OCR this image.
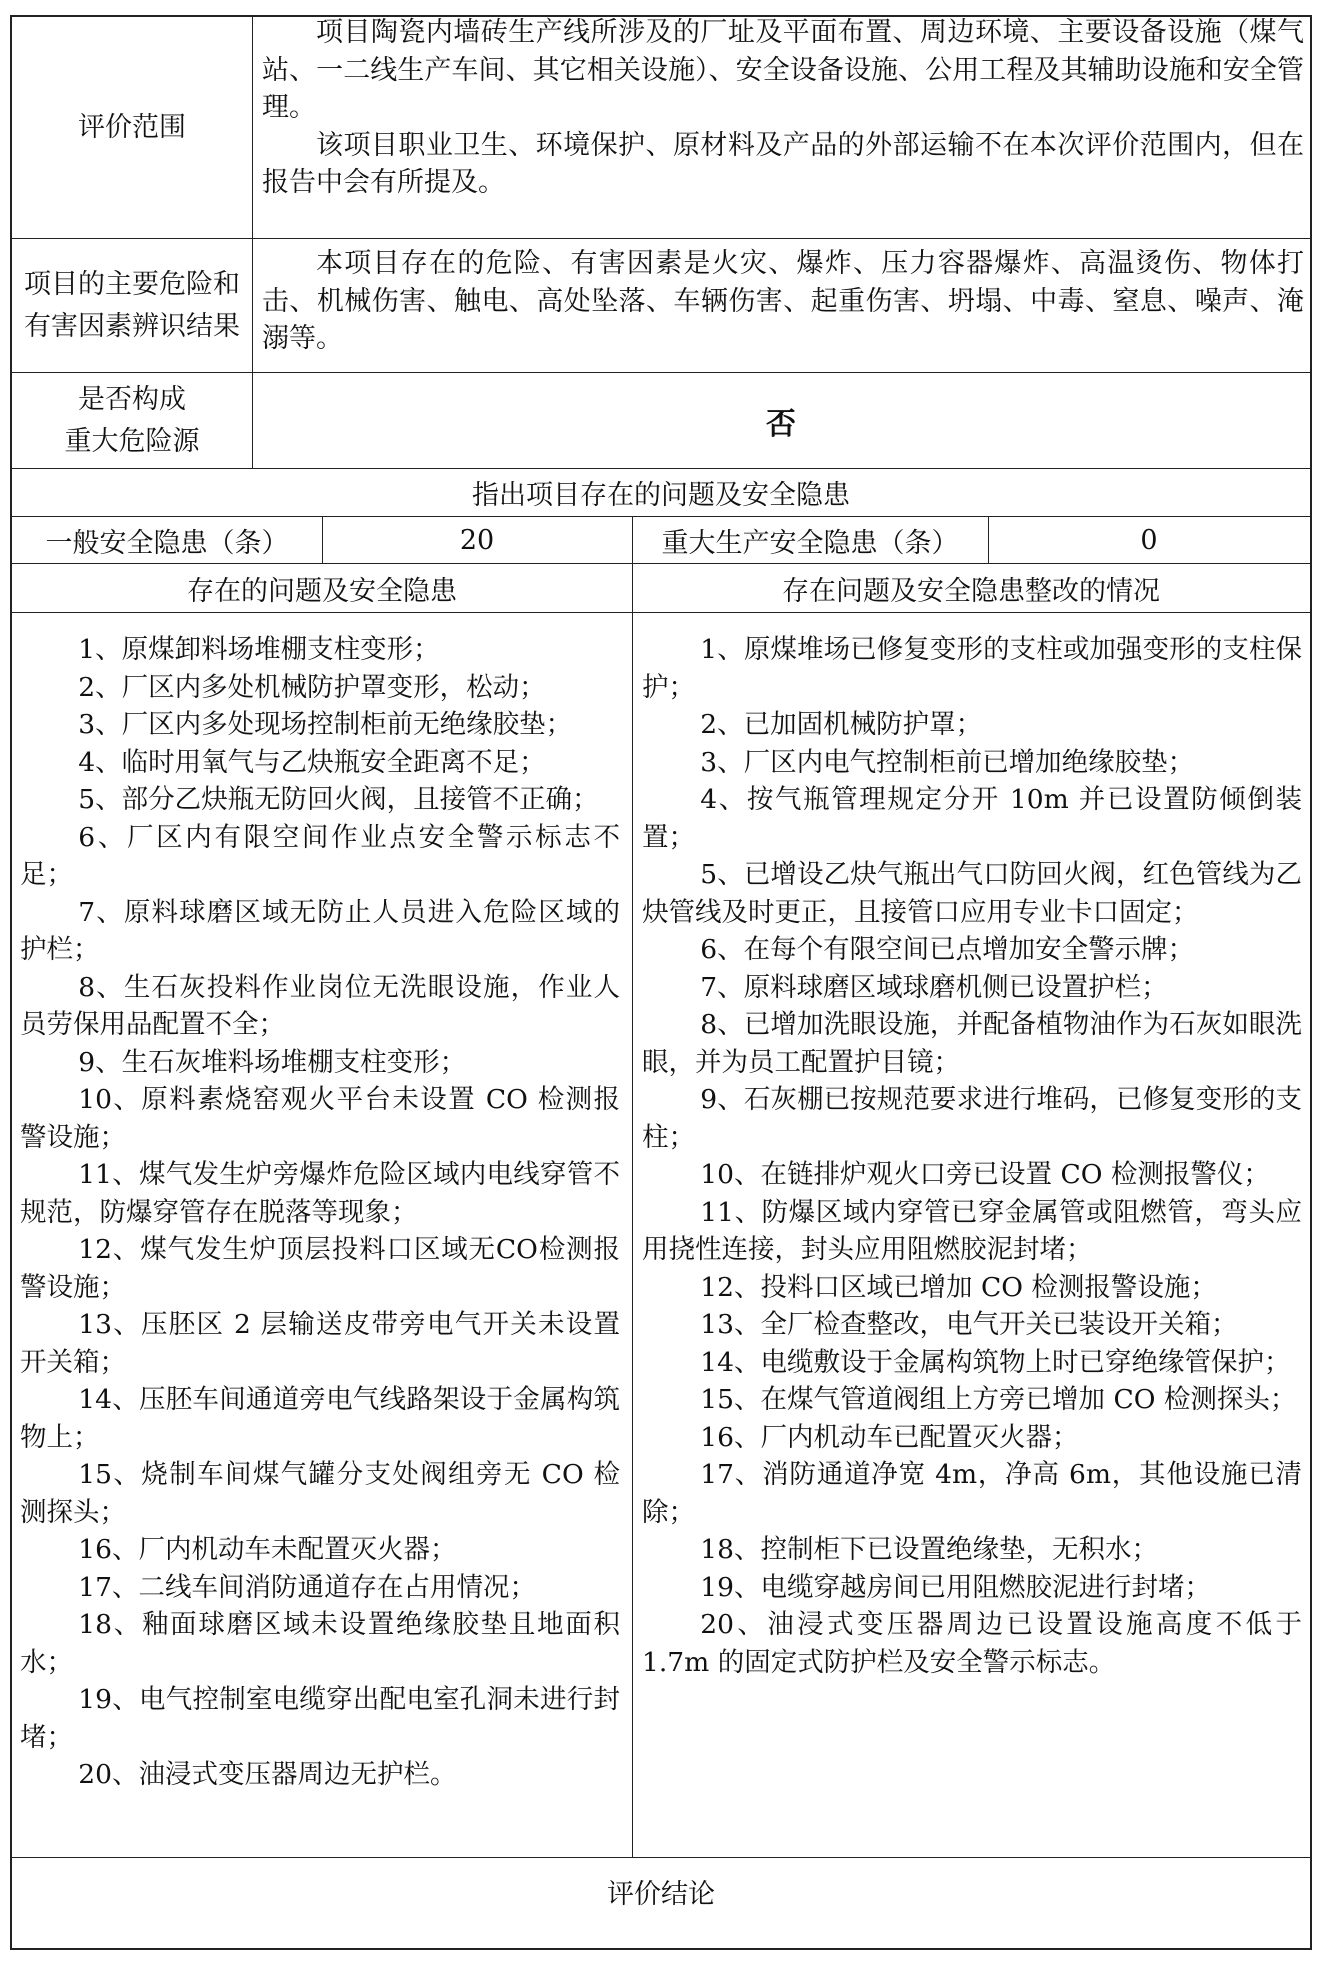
评价范围
项目陶瓷内墙砖生产线所涉及的厂址及平面布置、周边环境、主要设备设施（煤气站、一二线生产车间、其它相关设施）、安全设备设施、公用工程及其辅助设施和安全管理。
该项目职业卫生、环境保护、原材料及产品的外部运输不在本次评价范围内，但在报告中会有所提及。
项目的主要危险和有害因素辨识结果
本项目存在的危险、有害因素是火灾、爆炸、压力容器爆炸、高温烫伤、物体打击、机械伤害、触电、高处坠落、车辆伤害、起重伤害、坍塌、中毒、窒息、噪声、淹溺等。
是否构成
重大危险源	否
指出项目存在的问题及安全隐患
一般安全隐患（条）	20	重大生产安全隐患（条）	0
存在的问题及安全隐患	存在问题及安全隐患整改的情况

1、原煤卸料场堆棚支柱变形；

2、厂区内多处机械防护罩变形，松动；

3、厂区内多处现场控制柜前无绝缘胶垫；

4、临时用氧气与乙炔瓶安全距离不足；

5、部分乙炔瓶无防回火阀，且接管不正确；

6、厂区内有限空间作业点安全警示标志不足；

7、原料球磨区域无防止人员进入危险区域的护栏；

8、生石灰投料作业岗位无洗眼设施，作业人员劳保用品配置不全；

9、生石灰堆料场堆棚支柱变形；

10、原料素烧窑观火平台未设置 CO 检测报警设施；

11、煤气发生炉旁爆炸危险区域内电线穿管不规范，防爆穿管存在脱落等现象；

12、煤气发生炉顶层投料口区域无CO检测报警设施；

13、压胚区 2 层输送皮带旁电气开关未设置开关箱；

14、压胚车间通道旁电气线路架设于金属构筑物上；

15、烧制车间煤气罐分支处阀组旁无 CO 检测探头；

16、厂内机动车未配置灭火器；

17、二线车间消防通道存在占用情况；

18、釉面球磨区域未设置绝缘胶垫且地面积水；

19、电气控制室电缆穿出配电室孔洞未进行封堵；

20、油浸式变压器周边无护栏。

1、原煤堆场已修复变形的支柱或加强变形的支柱保护；

2、已加固机械防护罩；

3、厂区内电气控制柜前已增加绝缘胶垫；

4、按气瓶管理规定分开 10m 并已设置防倾倒装置；

5、已增设乙炔气瓶出气口防回火阀，红色管线为乙炔管线及时更正，且接管口应用专业卡口固定；

6、在每个有限空间已点增加安全警示牌；

7、原料球磨区域球磨机侧已设置护栏；

8、已增加洗眼设施，并配备植物油作为石灰如眼洗眼，并为员工配置护目镜；

9、石灰棚已按规范要求进行堆码，已修复变形的支柱；

10、在链排炉观火口旁已设置 CO 检测报警仪；

11、防爆区域内穿管已穿金属管或阻燃管，弯头应用挠性连接，封头应用阻燃胶泥封堵；

12、投料口区域已增加 CO 检测报警设施；

13、全厂检查整改，电气开关已装设开关箱；

14、电缆敷设于金属构筑物上时已穿绝缘管保护；

15、在煤气管道阀组上方旁已增加 CO 检测探头；

16、厂内机动车已配置灭火器；

17、消防通道净宽 4m，净高 6m，其他设施已清除；

18、控制柜下已设置绝缘垫，无积水；

19、电缆穿越房间已用阻燃胶泥进行封堵；

20、油浸式变压器周边已设置设施高度不低于 1.7m 的固定式防护栏及安全警示标志。

评价结论
